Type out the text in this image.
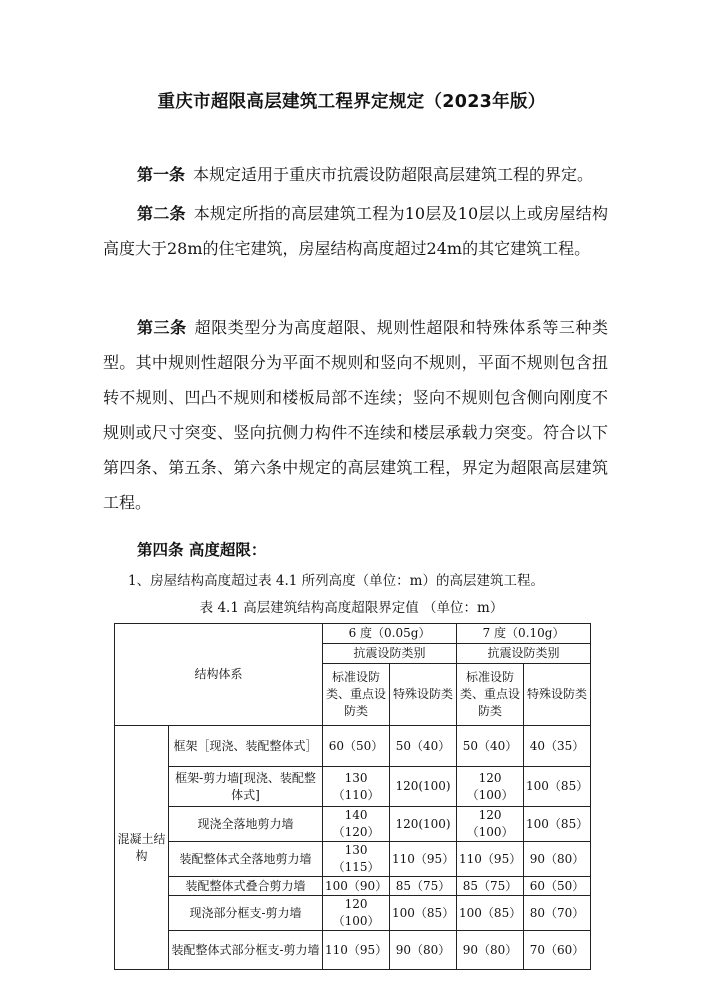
重庆市超限高层建筑工程界定规定（2023年版）
第一条 本规定适用于重庆市抗震设防超限高层建筑工程的界定。
第二条 本规定所指的高层建筑工程为10层及10层以上或房屋结构高度大于28m的住宅建筑，房屋结构高度超过24m的其它建筑工程。
第三条 超限类型分为高度超限、规则性超限和特殊体系等三种类型。其中规则性超限分为平面不规则和竖向不规则，平面不规则包含扭转不规则、凹凸不规则和楼板局部不连续；竖向不规则包含侧向刚度不规则或尺寸突变、竖向抗侧力构件不连续和楼层承载力突变。符合以下第四条、第五条、第六条中规定的高层建筑工程，界定为超限高层建筑工程。
第四条 高度超限：
1、房屋结构高度超过表 4.1 所列高度（单位：m）的高层建筑工程。
表 4.1 高层建筑结构高度超限界定值 （单位：m）
结构体系		6 度（0.05g）		7 度（0.10g）	
		抗震设防类别		抗震设防类别	
		标准设防类、重点设防类	特殊设防类	标准设防类、重点设防类	特殊设防类
混凝土结构	框架［现浇、装配整体式］	60（50）	50（40）	50（40）	40（35）
	框架-剪力墙[现浇、装配整体式]	130（110）	120(100)	120（100）	100（85）
	现浇全落地剪力墙	140（120）	120(100)	120（100）	100（85）
	装配整体式全落地剪力墙	130（115）	110（95）	110（95）	90（80）
	装配整体式叠合剪力墙	100（90）	85（75）	85（75）	60（50）
	现浇部分框支-剪力墙	120（100）	100（85）	100（85）	80（70）
	装配整体式部分框支-剪力墙	110（95）	90（80）	90（80）	70（60）
